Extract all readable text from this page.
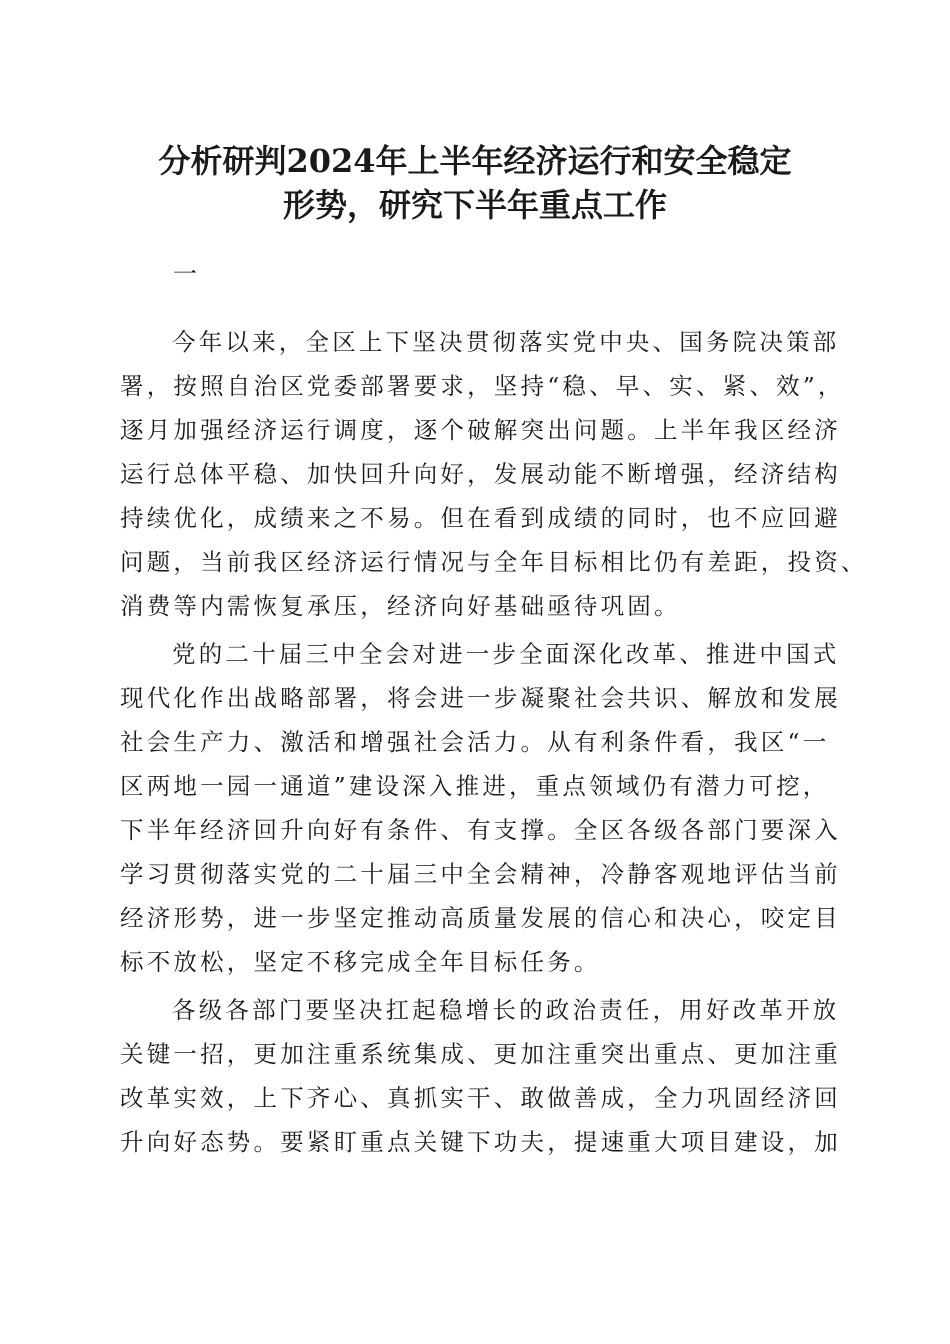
分析研判2024年上半年经济运行和安全稳定
形势，研究下半年重点工作

一

今年以来，全区上下坚决贯彻落实党中央、国务院决策部

署，按照自治区党委部署要求，坚持“稳、早、实、紧、效”，

逐月加强经济运行调度，逐个破解突出问题。上半年我区经济

运行总体平稳、加快回升向好，发展动能不断增强，经济结构

持续优化，成绩来之不易。但在看到成绩的同时，也不应回避

问题，当前我区经济运行情况与全年目标相比仍有差距，投资、

消费等内需恢复承压，经济向好基础亟待巩固。

党的二十届三中全会对进一步全面深化改革、推进中国式

现代化作出战略部署，将会进一步凝聚社会共识、解放和发展

社会生产力、激活和增强社会活力。从有利条件看，我区“一

区两地一园一通道”建设深入推进，重点领域仍有潜力可挖，

下半年经济回升向好有条件、有支撑。全区各级各部门要深入

学习贯彻落实党的二十届三中全会精神，冷静客观地评估当前

经济形势，进一步坚定推动高质量发展的信心和决心，咬定目

标不放松，坚定不移完成全年目标任务。

各级各部门要坚决扛起稳增长的政治责任，用好改革开放

关键一招，更加注重系统集成、更加注重突出重点、更加注重

改革实效，上下齐心、真抓实干、敢做善成，全力巩固经济回

升向好态势。要紧盯重点关键下功夫，提速重大项目建设，加
